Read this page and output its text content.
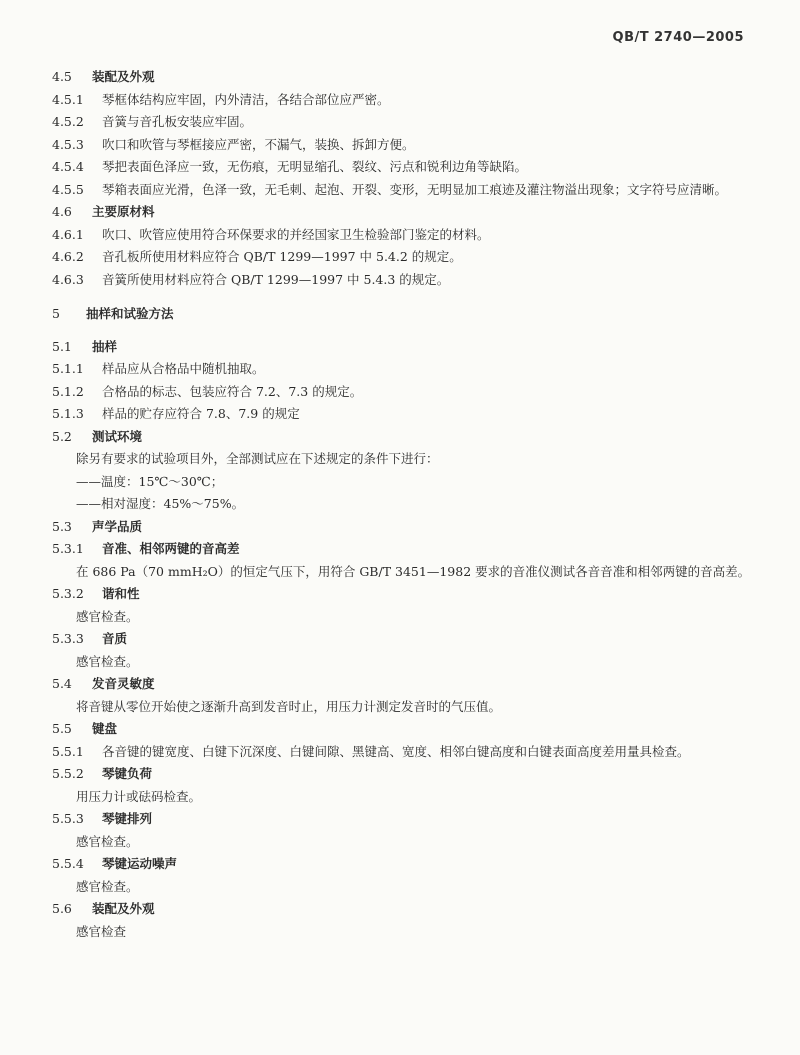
QB/T 2740—2005
4.5 装配及外观
4.5.1 琴框体结构应牢固，内外清洁，各结合部位应严密。
4.5.2 音簧与音孔板安装应牢固。
4.5.3 吹口和吹管与琴框接应严密，不漏气，装换、拆卸方便。
4.5.4 琴把表面色泽应一致，无伤痕，无明显缩孔、裂纹、污点和锐利边角等缺陷。
4.5.5 琴箱表面应光滑，色泽一致，无毛刺、起泡、开裂、变形，无明显加工痕迹及灌注物溢出现象；文字符号应清晰。
4.6 主要原材料
4.6.1 吹口、吹管应使用符合环保要求的并经国家卫生检验部门鉴定的材料。
4.6.2 音孔板所使用材料应符合 QB/T 1299—1997 中 5.4.2 的规定。
4.6.3 音簧所使用材料应符合 QB/T 1299—1997 中 5.4.3 的规定。
5 抽样和试验方法
5.1 抽样
5.1.1 样品应从合格品中随机抽取。
5.1.2 合格品的标志、包装应符合 7.2、7.3 的规定。
5.1.3 样品的贮存应符合 7.8、7.9 的规定
5.2 测试环境
除另有要求的试验项目外，全部测试应在下述规定的条件下进行：
——温度：15℃～30℃；
——相对湿度：45%～75%。
5.3 声学品质
5.3.1 音准、相邻两键的音高差
在 686 Pa（70 mmH₂O）的恒定气压下，用符合 GB/T 3451—1982 要求的音准仪测试各音音准和相邻两键的音高差。
5.3.2 谐和性
感官检查。
5.3.3 音质
感官检查。
5.4 发音灵敏度
将音键从零位开始使之逐渐升高到发音时止，用压力计测定发音时的气压值。
5.5 键盘
5.5.1 各音键的键宽度、白键下沉深度、白键间隙、黑键高、宽度、相邻白键高度和白键表面高度差用量具检查。
5.5.2 琴键负荷
用压力计或砝码检查。
5.5.3 琴键排列
感官检查。
5.5.4 琴键运动噪声
感官检查。
5.6 装配及外观
感官检查
